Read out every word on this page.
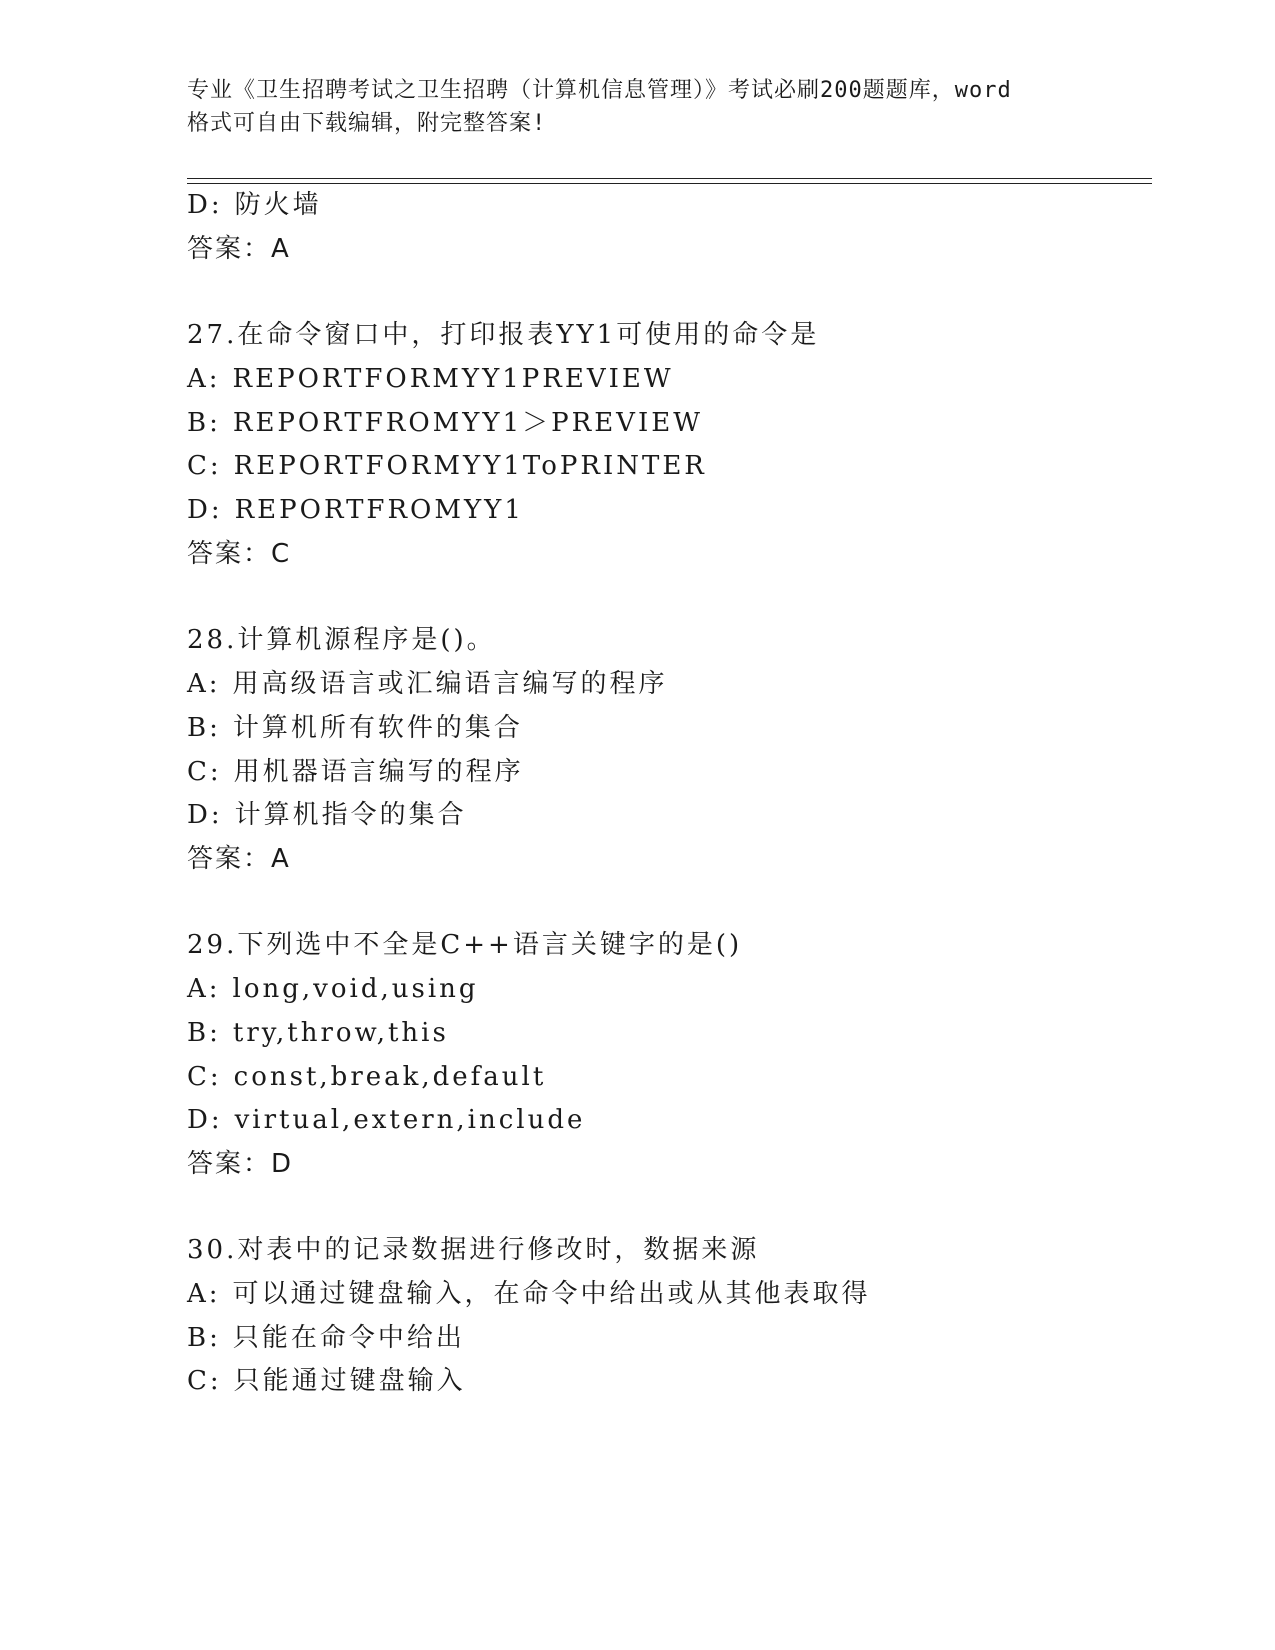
专业《卫生招聘考试之卫生招聘（计算机信息管理）》考试必刷200题题库，word
格式可自由下载编辑，附完整答案!
D: 防火墙
答案：A
27.在命令窗口中，打印报表YY1可使用的命令是
A: REPORTFORMYY1PREVIEW
B: REPORTFROMYY1＞PREVIEW
C: REPORTFORMYY1ToPRINTER
D: REPORTFROMYY1
答案：C
28.计算机源程序是()。
A: 用高级语言或汇编语言编写的程序
B: 计算机所有软件的集合
C: 用机器语言编写的程序
D: 计算机指令的集合
答案：A
29.下列选中不全是C++语言关键字的是()
A: long,void,using
B: try,throw,this
C: const,break,default
D: virtual,extern,include
答案：D
30.对表中的记录数据进行修改时，数据来源
A: 可以通过键盘输入，在命令中给出或从其他表取得
B: 只能在命令中给出
C: 只能通过键盘输入
